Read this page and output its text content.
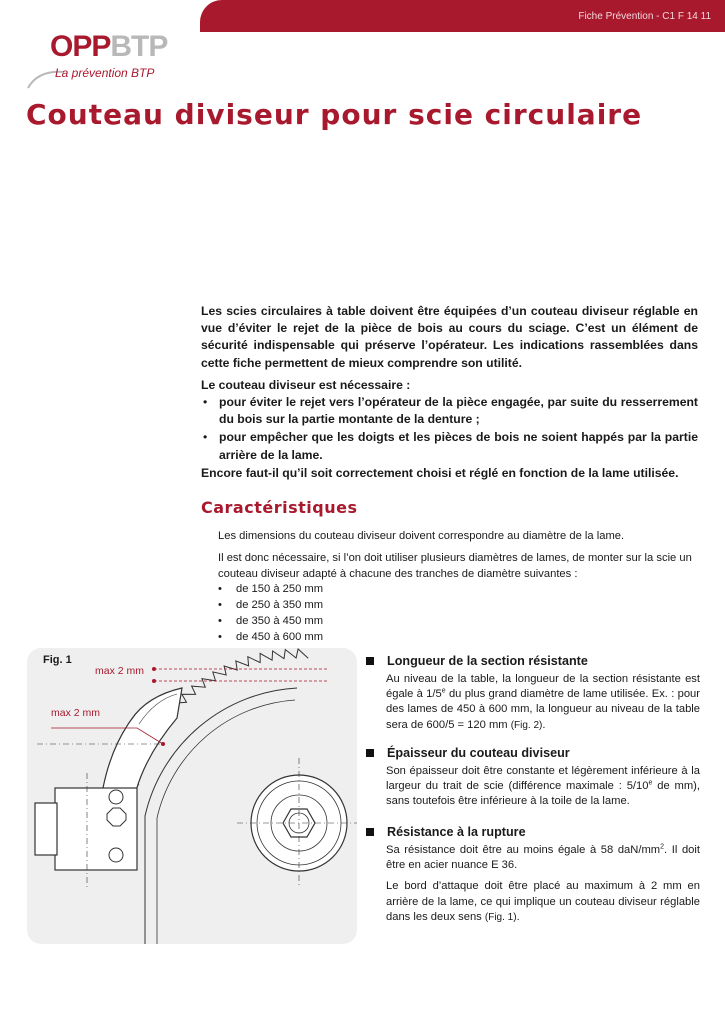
Fiche Prévention - C1 F 14 11
OPPBTP
La prévention BTP
Couteau diviseur pour scie circulaire

Les scies circulaires à table doivent être équipées d’un couteau diviseur réglable en vue d’éviter le rejet de la pièce de bois au cours du sciage. C’est un élément de sécurité indispensable qui préserve l’opérateur. Les indications rassemblées dans cette fiche permettent de mieux comprendre son utilité.

Le couteau diviseur est nécessaire :

• pour éviter le rejet vers l’opérateur de la pièce engagée, par suite du resserrement du bois sur la partie montante de la denture ;
• pour empêcher que les doigts et les pièces de bois ne soient happés par la partie arrière de la lame.

Encore faut-il qu’il soit correctement choisi et réglé en fonction de la lame utilisée.

Caractéristiques

Les dimensions du couteau diviseur doivent correspondre au diamètre de la lame.

Il est donc nécessaire, si l’on doit utiliser plusieurs diamètres de lames, de monter sur la scie un couteau diviseur adapté à chacune des tranches de diamètre suivantes :

• de 150 à 250 mm
• de 250 à 350 mm
• de 350 à 450 mm
• de 450 à 600 mm
Fig. 1
max 2 mm
max 2 mm
Longueur de la section résistante

Au niveau de la table, la longueur de la section résistante est égale à 1/5e du plus grand diamètre de lame utilisée. Ex. : pour des lames de 450 à 600 mm, la longueur au niveau de la table sera de 600/5 = 120 mm (Fig. 2).

Épaisseur du couteau diviseur

Son épaisseur doit être constante et légèrement inférieure à la largeur du trait de scie (différence maximale : 5/10e de mm), sans toutefois être inférieure à la toile de la lame.

Résistance à la rupture

Sa résistance doit être au moins égale à 58 daN/$mm^2$. Il doit être en acier nuance E 36.

Le bord d’attaque doit être placé au maximum à 2 mm en arrière de la lame, ce qui implique un couteau diviseur réglable dans les deux sens (Fig. 1).
